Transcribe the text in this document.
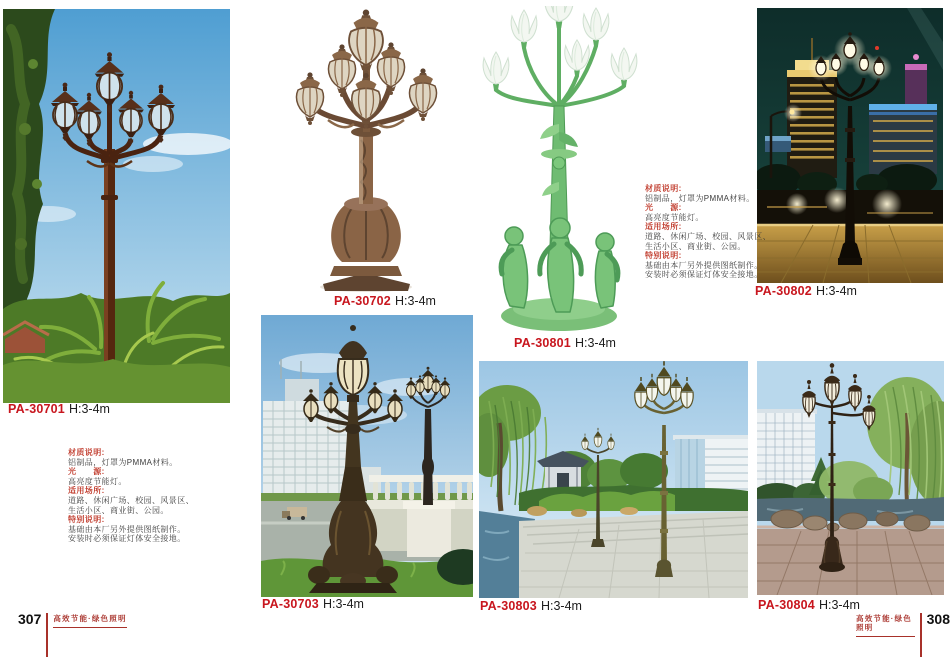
PA-30701 H:3-4m
PA-30702 H:3-4m
PA-30801 H:3-4m
PA-30802 H:3-4m
PA-30703 H:3-4m	PA-30803 H:3-4m	PA-30804 H:3-4m
材质说明:
铝制品，灯罩为PMMA材料。
光　　源:
高亮度节能灯。
适用场所:
道路、休闲广场、校园、风景区、
生活小区、商业街、公园。
特别说明:
基础由本厂另外提供图纸制作。
安装时必须保证灯体安全接地。
材质说明:
铝制品，灯罩为PMMA材料。
光　　源:
高亮度节能灯。
适用场所:
道路、休闲广场、校园、风景区、
生活小区、商业街、公园。
特别说明:
基础由本厂另外提供图纸制作。
安装时必须保证灯体安全接地。
307 高效节能·绿色照明	高效节能·绿色照明
308
